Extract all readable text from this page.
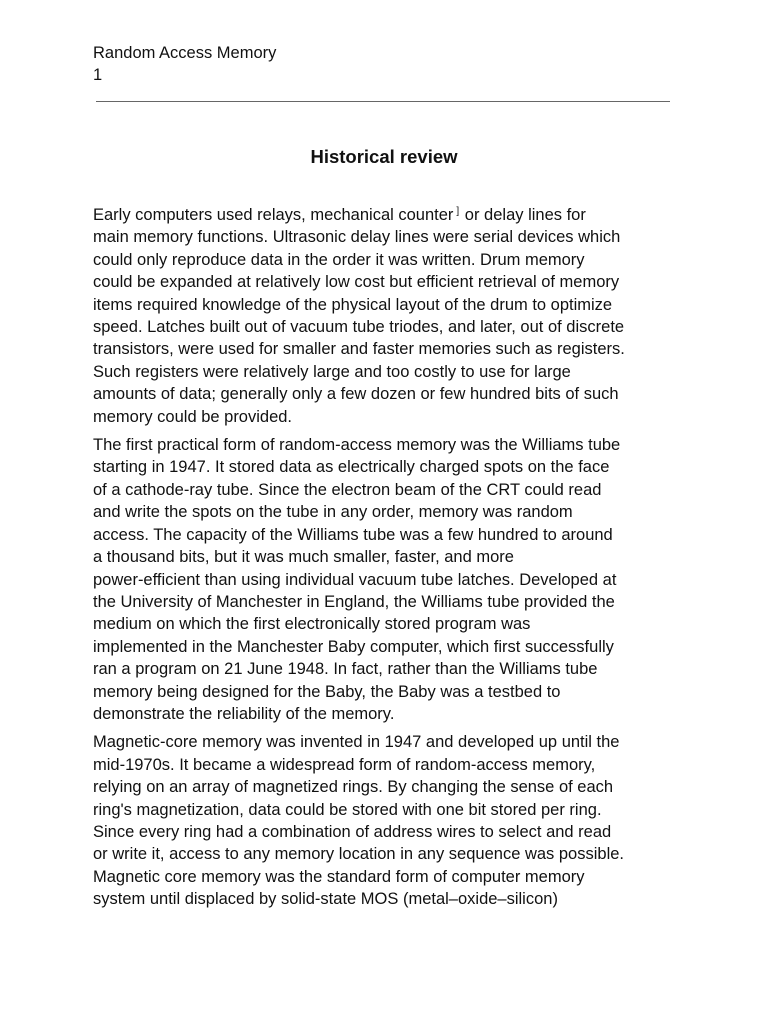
Random Access Memory
1
Historical review
Early computers used relays, mechanical counter ] or delay lines for
main memory functions. Ultrasonic delay lines were serial devices which
could only reproduce data in the order it was written. Drum memory
could be expanded at relatively low cost but efficient retrieval of memory
items required knowledge of the physical layout of the drum to optimize
speed. Latches built out of vacuum tube triodes, and later, out of discrete
transistors, were used for smaller and faster memories such as registers.
Such registers were relatively large and too costly to use for large
amounts of data; generally only a few dozen or few hundred bits of such
memory could be provided.
The first practical form of random-access memory was the Williams tube
starting in 1947. It stored data as electrically charged spots on the face
of a cathode-ray tube. Since the electron beam of the CRT could read
and write the spots on the tube in any order, memory was random
access. The capacity of the Williams tube was a few hundred to around
a thousand bits, but it was much smaller, faster, and more
power-efficient than using individual vacuum tube latches. Developed at
the University of Manchester in England, the Williams tube provided the
medium on which the first electronically stored program was
implemented in the Manchester Baby computer, which first successfully
ran a program on 21 June 1948. In fact, rather than the Williams tube
memory being designed for the Baby, the Baby was a testbed to
demonstrate the reliability of the memory.
Magnetic-core memory was invented in 1947 and developed up until the
mid-1970s. It became a widespread form of random-access memory,
relying on an array of magnetized rings. By changing the sense of each
ring's magnetization, data could be stored with one bit stored per ring.
Since every ring had a combination of address wires to select and read
or write it, access to any memory location in any sequence was possible.
Magnetic core memory was the standard form of computer memory
system until displaced by solid-state MOS (metal–oxide–silicon)
